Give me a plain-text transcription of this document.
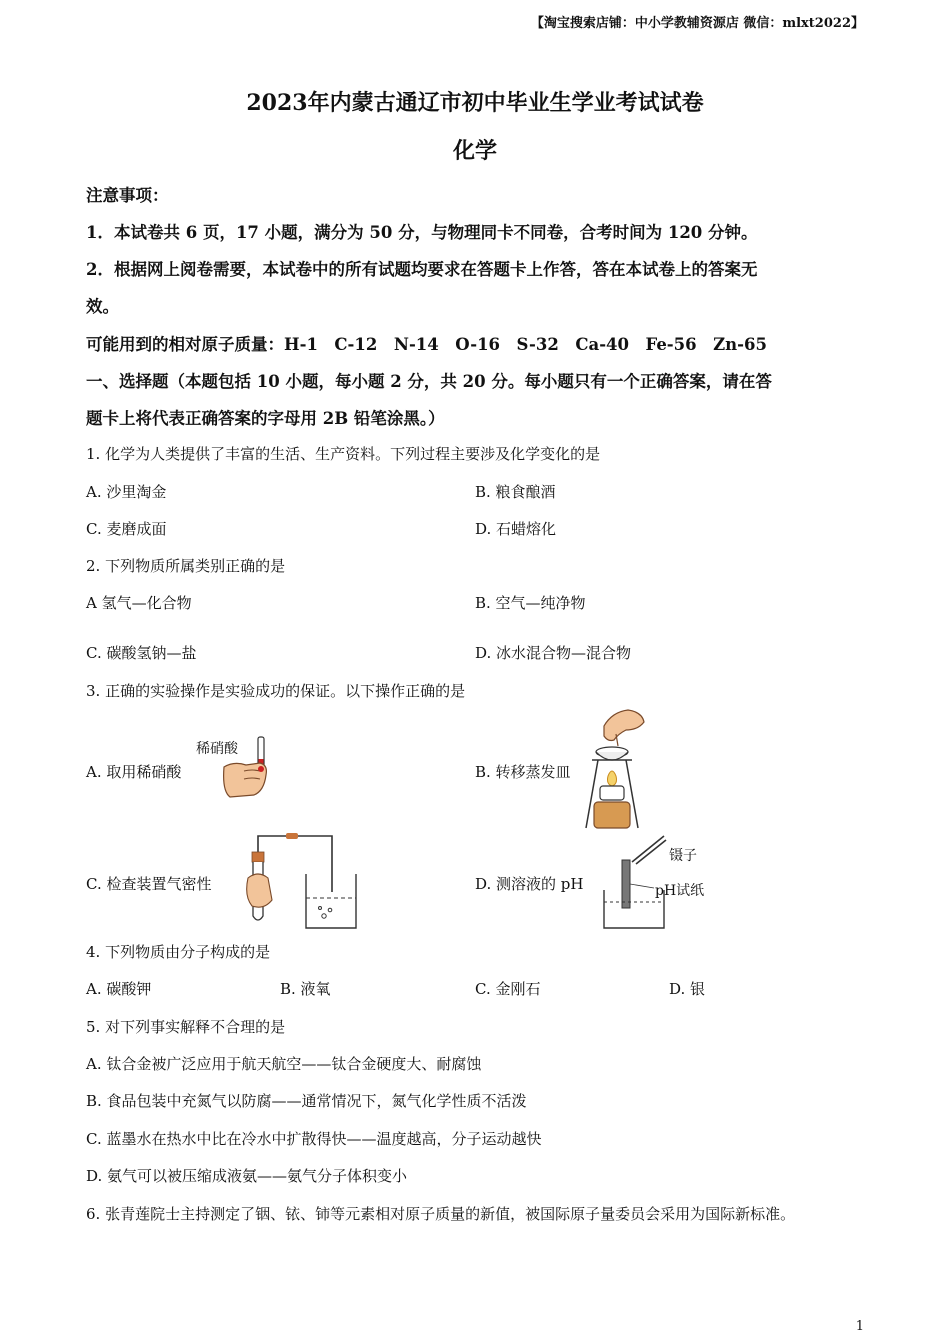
【淘宝搜索店铺：中小学教辅资源店 微信：mlxt2022】
2023年内蒙古通辽市初中毕业生学业考试试卷
化学
注意事项：
1．本试卷共 6 页，17 小题，满分为 50 分，与物理同卡不同卷，合考时间为 120 分钟。
2．根据网上阅卷需要，本试卷中的所有试题均要求在答题卡上作答，答在本试卷上的答案无
效。
可能用到的相对原子质量：H-1　C-12　N-14　O-16　S-32　Ca-40　Fe-56　Zn-65
一、选择题（本题包括 10 小题，每小题 2 分，共 20 分。每小题只有一个正确答案，请在答
题卡上将代表正确答案的字母用 2B 铅笔涂黑。）
1. 化学为人类提供了丰富的生活、生产资料。下列过程主要涉及化学变化的是
A. 沙里淘金	B. 粮食酿酒
C. 麦磨成面	D. 石蜡熔化
2. 下列物质所属类别正确的是
A 氢气—化合物	B. 空气—纯净物
C. 碳酸氢钠—盐	D. 冰水混合物—混合物
3. 正确的实验操作是实验成功的保证。以下操作正确的是
A. 取用稀硝酸	B. 转移蒸发皿
C. 检查装置气密性	D. 测溶液的 pH
稀硝酸
镊子
pH试纸
4. 下列物质由分子构成的是
A. 碳酸钾	B. 液氧	C. 金刚石	D. 银
5. 对下列事实解释不合理的是
A. 钛合金被广泛应用于航天航空——钛合金硬度大、耐腐蚀
B. 食品包装中充氮气以防腐——通常情况下，氮气化学性质不活泼
C. 蓝墨水在热水中比在冷水中扩散得快——温度越高，分子运动越快
D. 氨气可以被压缩成液氨——氨气分子体积变小
6. 张青莲院士主持测定了铟、铱、铈等元素相对原子质量的新值，被国际原子量委员会采用为国际新标准。
1
